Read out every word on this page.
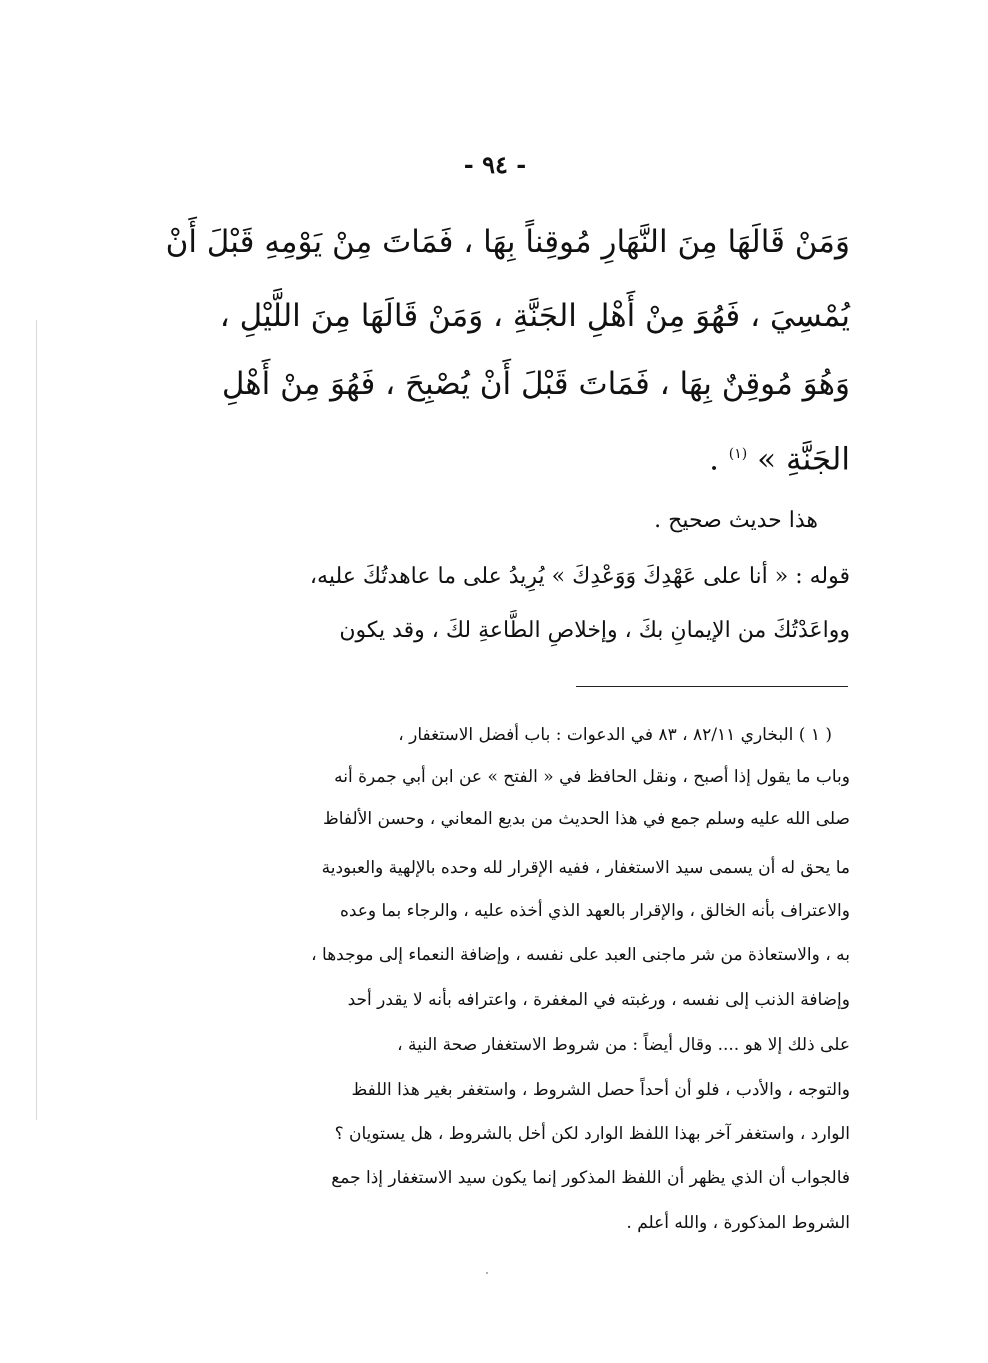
- ٩٤ -
وَمَنْ قَالَهَا مِنَ النَّهَارِ مُوقِناً بِهَا ، فَمَاتَ مِنْ يَوْمِهِ قَبْلَ أَنْ
يُمْسِيَ ، فَهُوَ مِنْ أَهْلِ الجَنَّةِ ، وَمَنْ قَالَهَا مِنَ اللَّيْلِ ،
وَهُوَ مُوقِنٌ بِهَا ، فَمَاتَ قَبْلَ أَنْ يُصْبِحَ ، فَهُوَ مِنْ أَهْلِ
الجَنَّةِ » $^{(١)}$ .
هذا حديث صحيح .
قوله : « أنا على عَهْدِكَ وَوَعْدِكَ » يُرِيدُ على ما عاهدتُكَ عليه،
وواعَدْتُكَ من الإيمانِ بكَ ، وإخلاصِ الطَّاعةِ لكَ ، وقد يكون
( ١ ) البخاري ٨٢/١١ ، ٨٣ في الدعوات : باب أفضل الاستغفار ،
وباب ما يقول إذا أصبح ، ونقل الحافظ في « الفتح » عن ابن أبي جمرة أنه
صلى الله عليه وسلم جمع في هذا الحديث من بديع المعاني ، وحسن الألفاظ
ما يحق له أن يسمى سيد الاستغفار ، ففيه الإقرار لله وحده بالإلهية والعبودية
والاعتراف بأنه الخالق ، والإقرار بالعهد الذي أخذه عليه ، والرجاء بما وعده
به ، والاستعاذة من شر ماجنى العبد على نفسه ، وإضافة النعماء إلى موجدها ،
وإضافة الذنب إلى نفسه ، ورغبته في المغفرة ، واعترافه بأنه لا يقدر أحد
على ذلك إلا هو .... وقال أيضاً : من شروط الاستغفار صحة النية ،
والتوجه ، والأدب ، فلو أن أحداً حصل الشروط ، واستغفر بغير هذا اللفظ
الوارد ، واستغفر آخر بهذا اللفظ الوارد لكن أخل بالشروط ، هل يستويان ؟
فالجواب أن الذي يظهر أن اللفظ المذكور إنما يكون سيد الاستغفار إذا جمع
الشروط المذكورة ، والله أعلم .
